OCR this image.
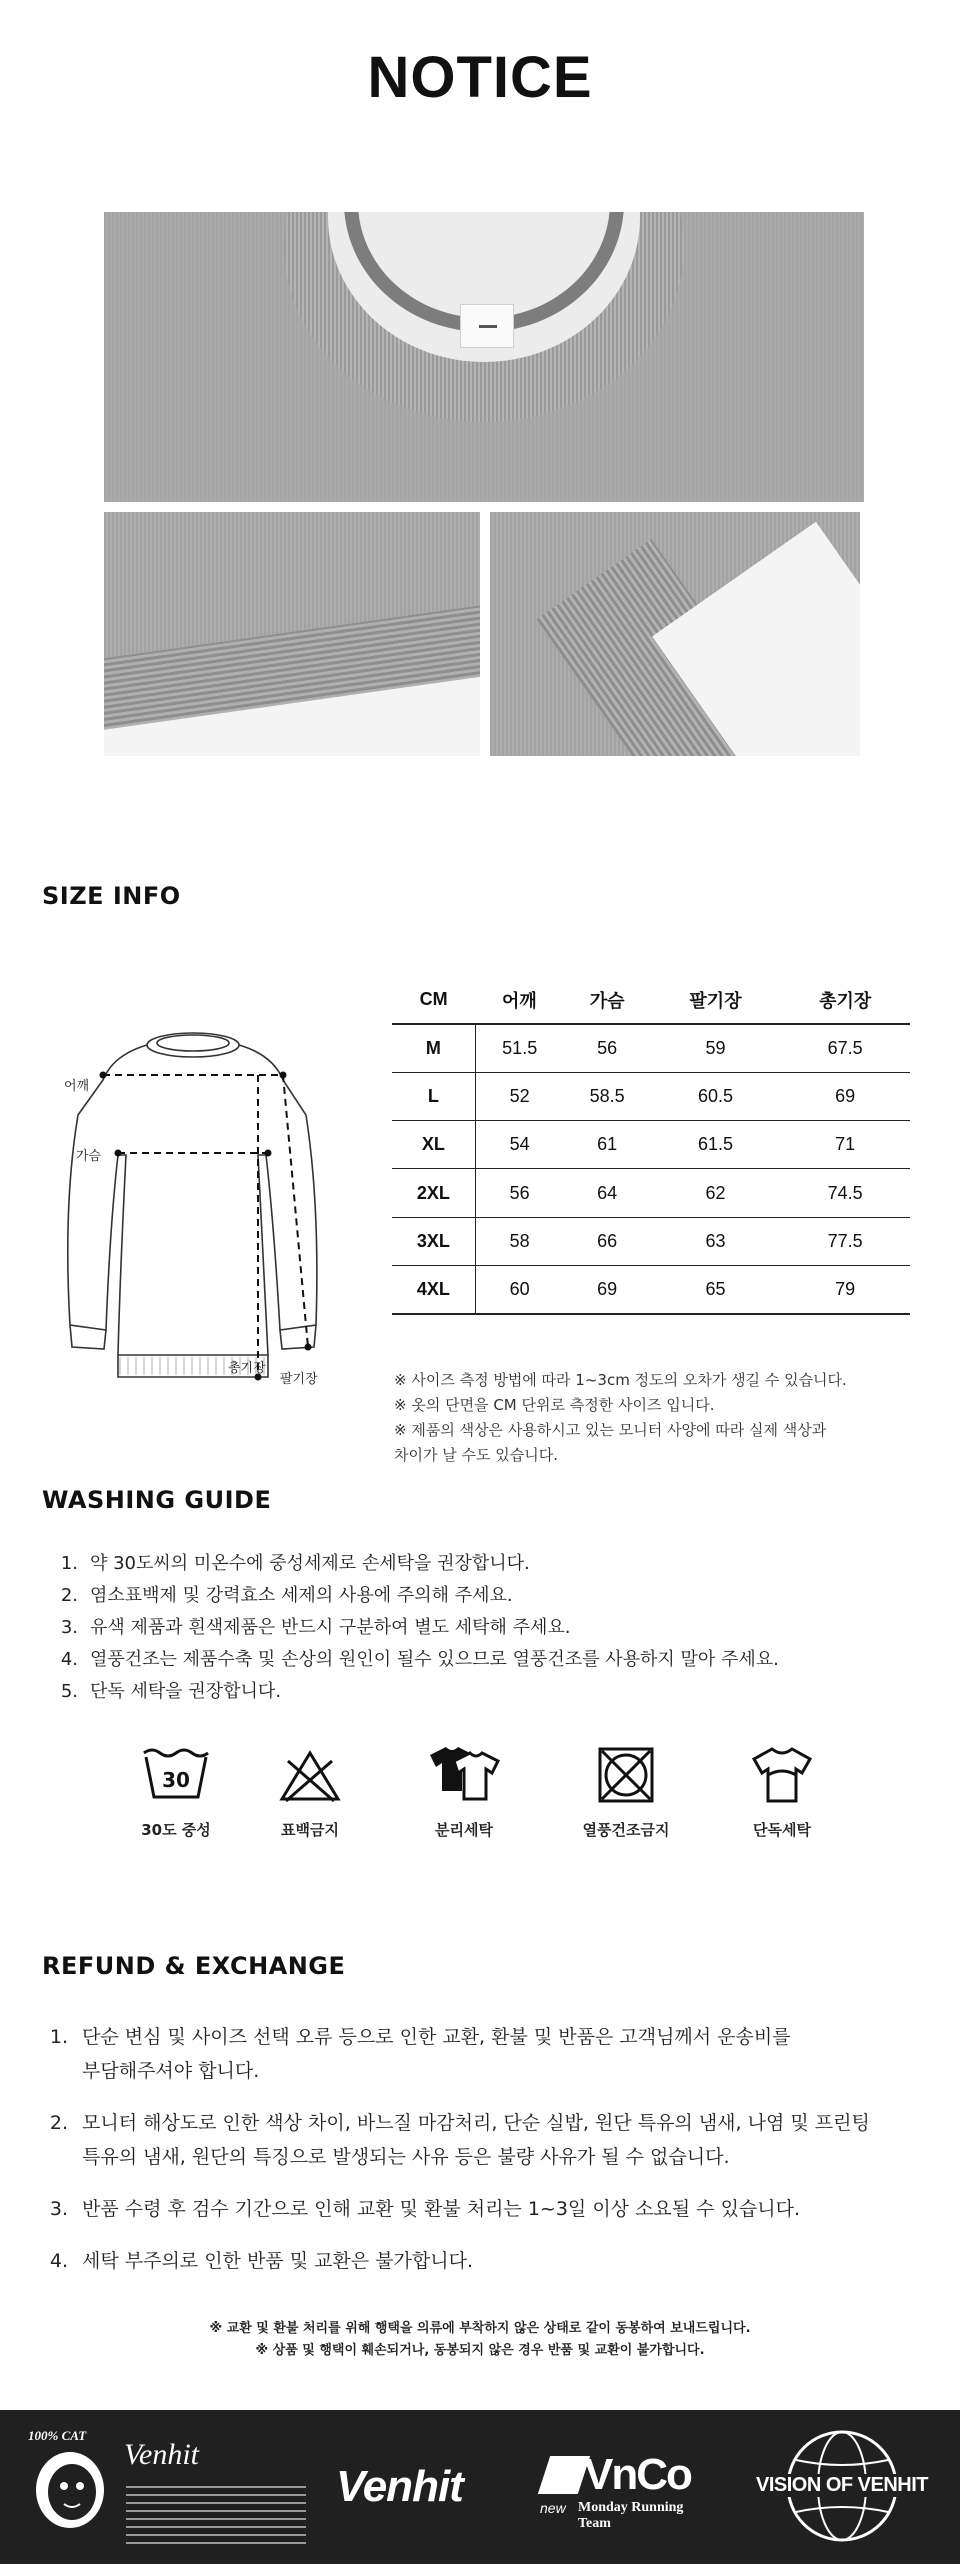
NOTICE
SIZE INFO
어깨
가슴
총기장
팔기장
CM	어깨	가슴	팔기장	총기장
M	51.5	56	59	67.5
L	52	58.5	60.5	69
XL	54	61	61.5	71
2XL	56	64	62	74.5
3XL	58	66	63	77.5
4XL	60	69	65	79

※ 사이즈 측정 방법에 따라 1~3cm 정도의 오차가 생길 수 있습니다.

※ 옷의 단면을 CM 단위로 측정한 사이즈 입니다.

※ 제품의 색상은 사용하시고 있는 모니터 사양에 따라 실제 색상과

차이가 날 수도 있습니다.

WASHING GUIDE
1. 약 30도씨의 미온수에 중성세제로 손세탁을 권장합니다.
2. 염소표백제 및 강력효소 세제의 사용에 주의해 주세요.
3. 유색 제품과 흰색제품은 반드시 구분하여 별도 세탁해 주세요.
4. 열풍건조는 제품수축 및 손상의 원인이 될수 있으므로 열풍건조를 사용하지 말아 주세요.
5. 단독 세탁을 권장합니다.
30
30도 중성	표백금지	분리세탁	열풍건조금지	단독세탁
REFUND & EXCHANGE
1. 단순 변심 및 사이즈 선택 오류 등으로 인한 교환, 환불 및 반품은 고객님께서 운송비를
부담해주셔야 합니다.
2. 모니터 해상도로 인한 색상 차이, 바느질 마감처리, 단순 실밥, 원단 특유의 냄새, 나염 및 프린팅
특유의 냄새, 원단의 특징으로 발생되는 사유 등은 불량 사유가 될 수 없습니다.
3. 반품 수령 후 검수 기간으로 인해 교환 및 환불 처리는 1~3일 이상 소요될 수 있습니다.
4. 세탁 부주의로 인한 반품 및 교환은 불가합니다.
※ 교환 및 환불 처리를 위해 행택을 의류에 부착하지 않은 상태로 같이 동봉하여 보내드립니다.
※ 상품 및 행택이 훼손되거나, 동봉되지 않은 경우 반품 및 교환이 불가합니다.
100% CAT
Venhit
Venhit	VnCo
new Monday Running Team
VISION OF VENHIT
